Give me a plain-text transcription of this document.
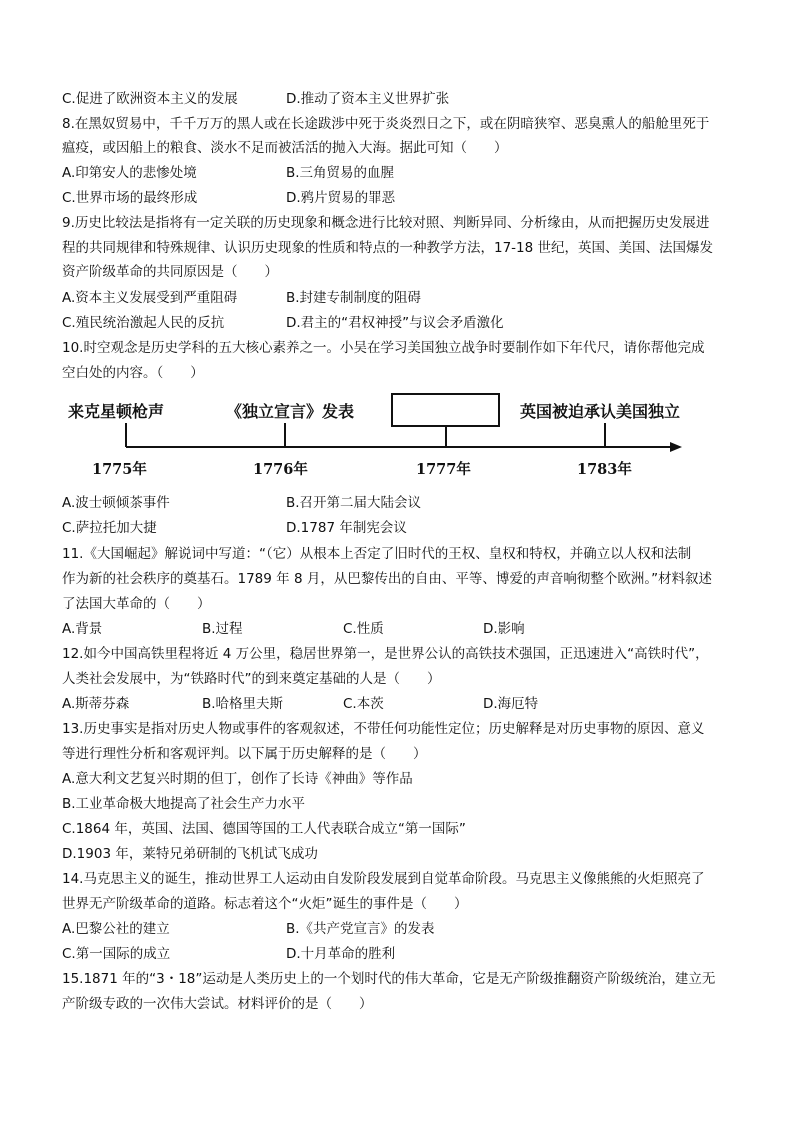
C.促进了欧洲资本主义的发展	D.推动了资本主义世界扩张
8.在黑奴贸易中，千千万万的黑人或在长途跋涉中死于炎炎烈日之下，或在阴暗狭窄、恶臭熏人的船舱里死于
瘟疫，或因船上的粮食、淡水不足而被活活的抛入大海。据此可知（　　）
A.印第安人的悲惨处境	B.三角贸易的血腥
C.世界市场的最终形成	D.鸦片贸易的罪恶
9.历史比较法是指将有一定关联的历史现象和概念进行比较对照、判断异同、分析缘由，从而把握历史发展进
程的共同规律和特殊规律、认识历史现象的性质和特点的一种教学方法，17-18 世纪，英国、美国、法国爆发
资产阶级革命的共同原因是（　　）
A.资本主义发展受到严重阻碍	B.封建专制制度的阻碍
C.殖民统治激起人民的反抗	D.君主的“君权神授”与议会矛盾激化
10.时空观念是历史学科的五大核心素养之一。小吴在学习美国独立战争时要制作如下年代尺，请你帮他完成
空白处的内容。（　　）
来克星顿枪声	《独立宣言》发表	英国被迫承认美国独立
1775年	1776年	1777年	1783年
A.波士顿倾茶事件	B.召开第二届大陆会议
C.萨拉托加大捷	D.1787 年制宪会议
11.《大国崛起》解说词中写道：“（它）从根本上否定了旧时代的王权、皇权和特权，并确立以人权和法制
作为新的社会秩序的奠基石。1789 年 8 月，从巴黎传出的自由、平等、博爱的声音响彻整个欧洲。”材料叙述
了法国大革命的（　　）
A.背景	B.过程	C.性质	D.影响
12.如今中国高铁里程将近 4 万公里，稳居世界第一，是世界公认的高铁技术强国，正迅速进入“高铁时代”，
人类社会发展中，为“铁路时代”的到来奠定基础的人是（　　）
A.斯蒂芬森	B.哈格里夫斯	C.本茨	D.海厄特
13.历史事实是指对历史人物或事件的客观叙述，不带任何功能性定位；历史解释是对历史事物的原因、意义
等进行理性分析和客观评判。以下属于历史解释的是（　　）
A.意大利文艺复兴时期的但丁，创作了长诗《神曲》等作品
B.工业革命极大地提高了社会生产力水平
C.1864 年，英国、法国、德国等国的工人代表联合成立“第一国际”
D.1903 年，莱特兄弟研制的飞机试飞成功
14.马克思主义的诞生，推动世界工人运动由自发阶段发展到自觉革命阶段。马克思主义像熊熊的火炬照亮了
世界无产阶级革命的道路。标志着这个“火炬”诞生的事件是（　　）
A.巴黎公社的建立	B.《共产党宣言》的发表
C.第一国际的成立	D.十月革命的胜利
15.1871 年的“3・18”运动是人类历史上的一个划时代的伟大革命，它是无产阶级推翻资产阶级统治，建立无
产阶级专政的一次伟大尝试。材料评价的是（　　）
